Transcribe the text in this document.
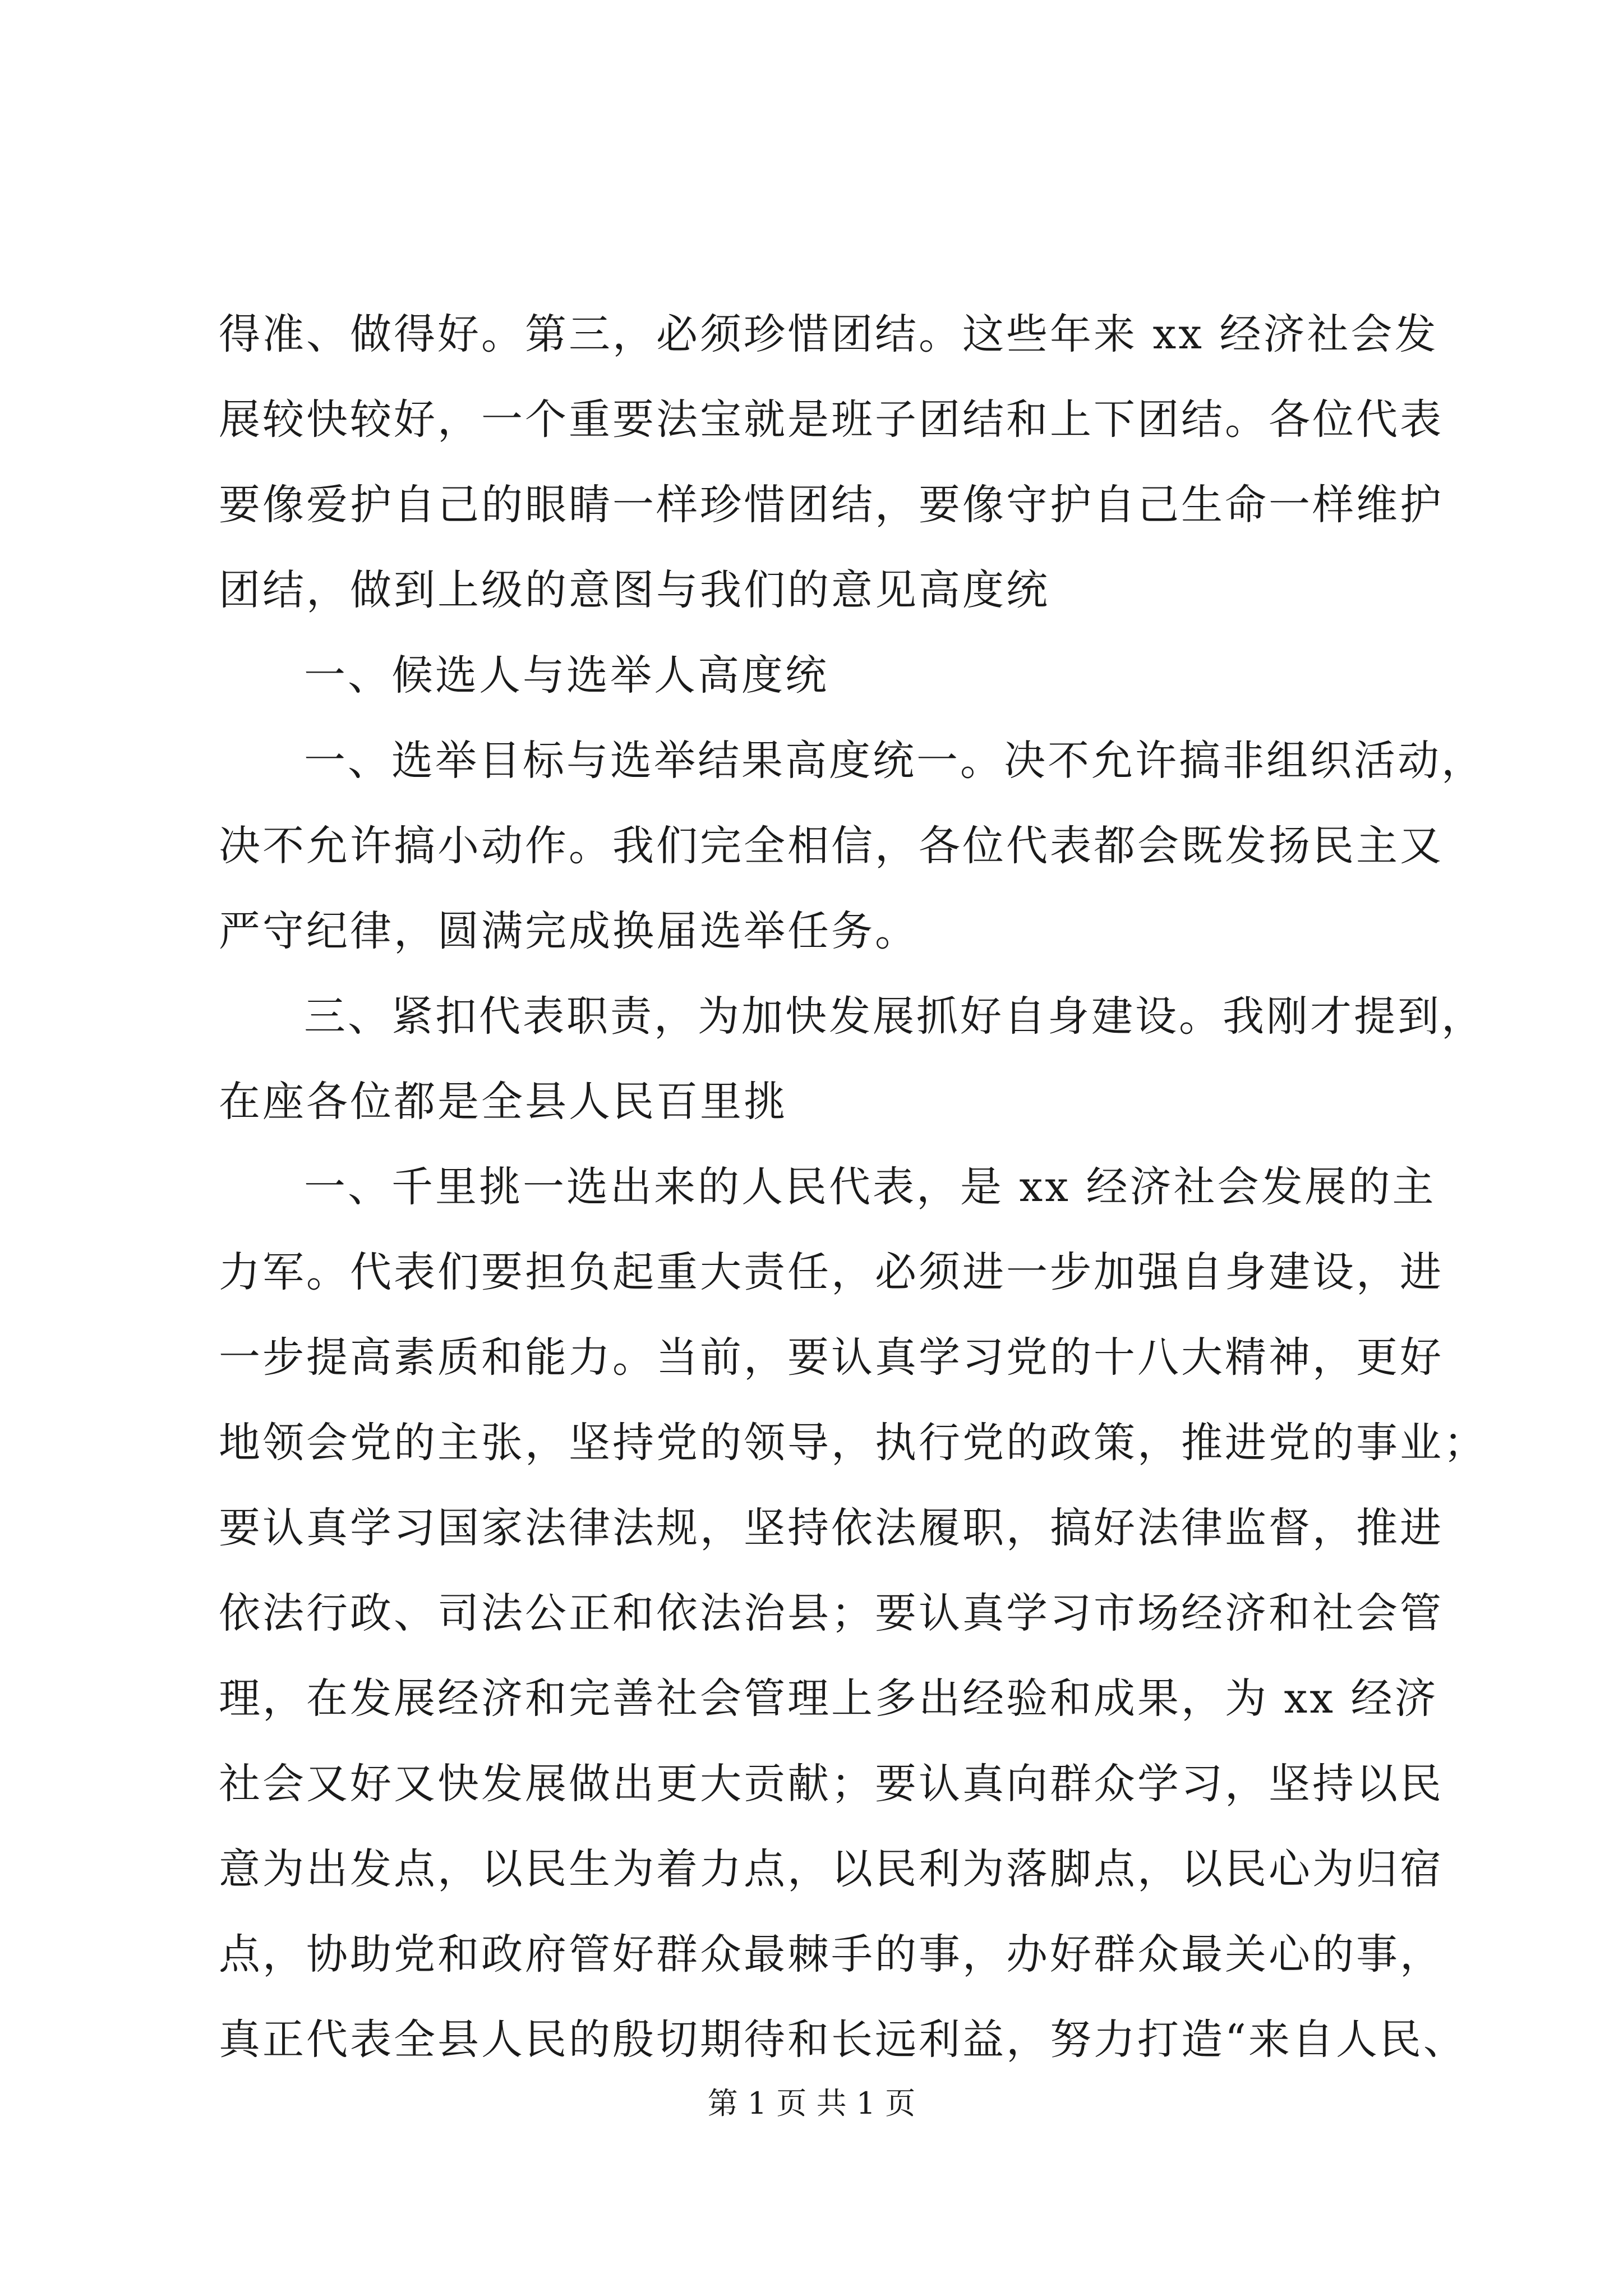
得准、做得好。第三，必须珍惜团结。这些年来 xx 经济社会发
展较快较好，一个重要法宝就是班子团结和上下团结。各位代表
要像爱护自己的眼睛一样珍惜团结，要像守护自己生命一样维护
团结，做到上级的意图与我们的意见高度统
一、候选人与选举人高度统
一、选举目标与选举结果高度统一。决不允许搞非组织活动，
决不允许搞小动作。我们完全相信，各位代表都会既发扬民主又
严守纪律，圆满完成换届选举任务。
三、紧扣代表职责，为加快发展抓好自身建设。我刚才提到，
在座各位都是全县人民百里挑
一、千里挑一选出来的人民代表，是 xx 经济社会发展的主
力军。代表们要担负起重大责任，必须进一步加强自身建设，进
一步提高素质和能力。当前，要认真学习党的十八大精神，更好
地领会党的主张，坚持党的领导，执行党的政策，推进党的事业；
要认真学习国家法律法规，坚持依法履职，搞好法律监督，推进
依法行政、司法公正和依法治县；要认真学习市场经济和社会管
理，在发展经济和完善社会管理上多出经验和成果，为 xx 经济
社会又好又快发展做出更大贡献；要认真向群众学习，坚持以民
意为出发点，以民生为着力点，以民利为落脚点，以民心为归宿
点，协助党和政府管好群众最棘手的事，办好群众最关心的事，
真正代表全县人民的殷切期待和长远利益，努力打造“来自人民、
第 1 页 共 1 页
